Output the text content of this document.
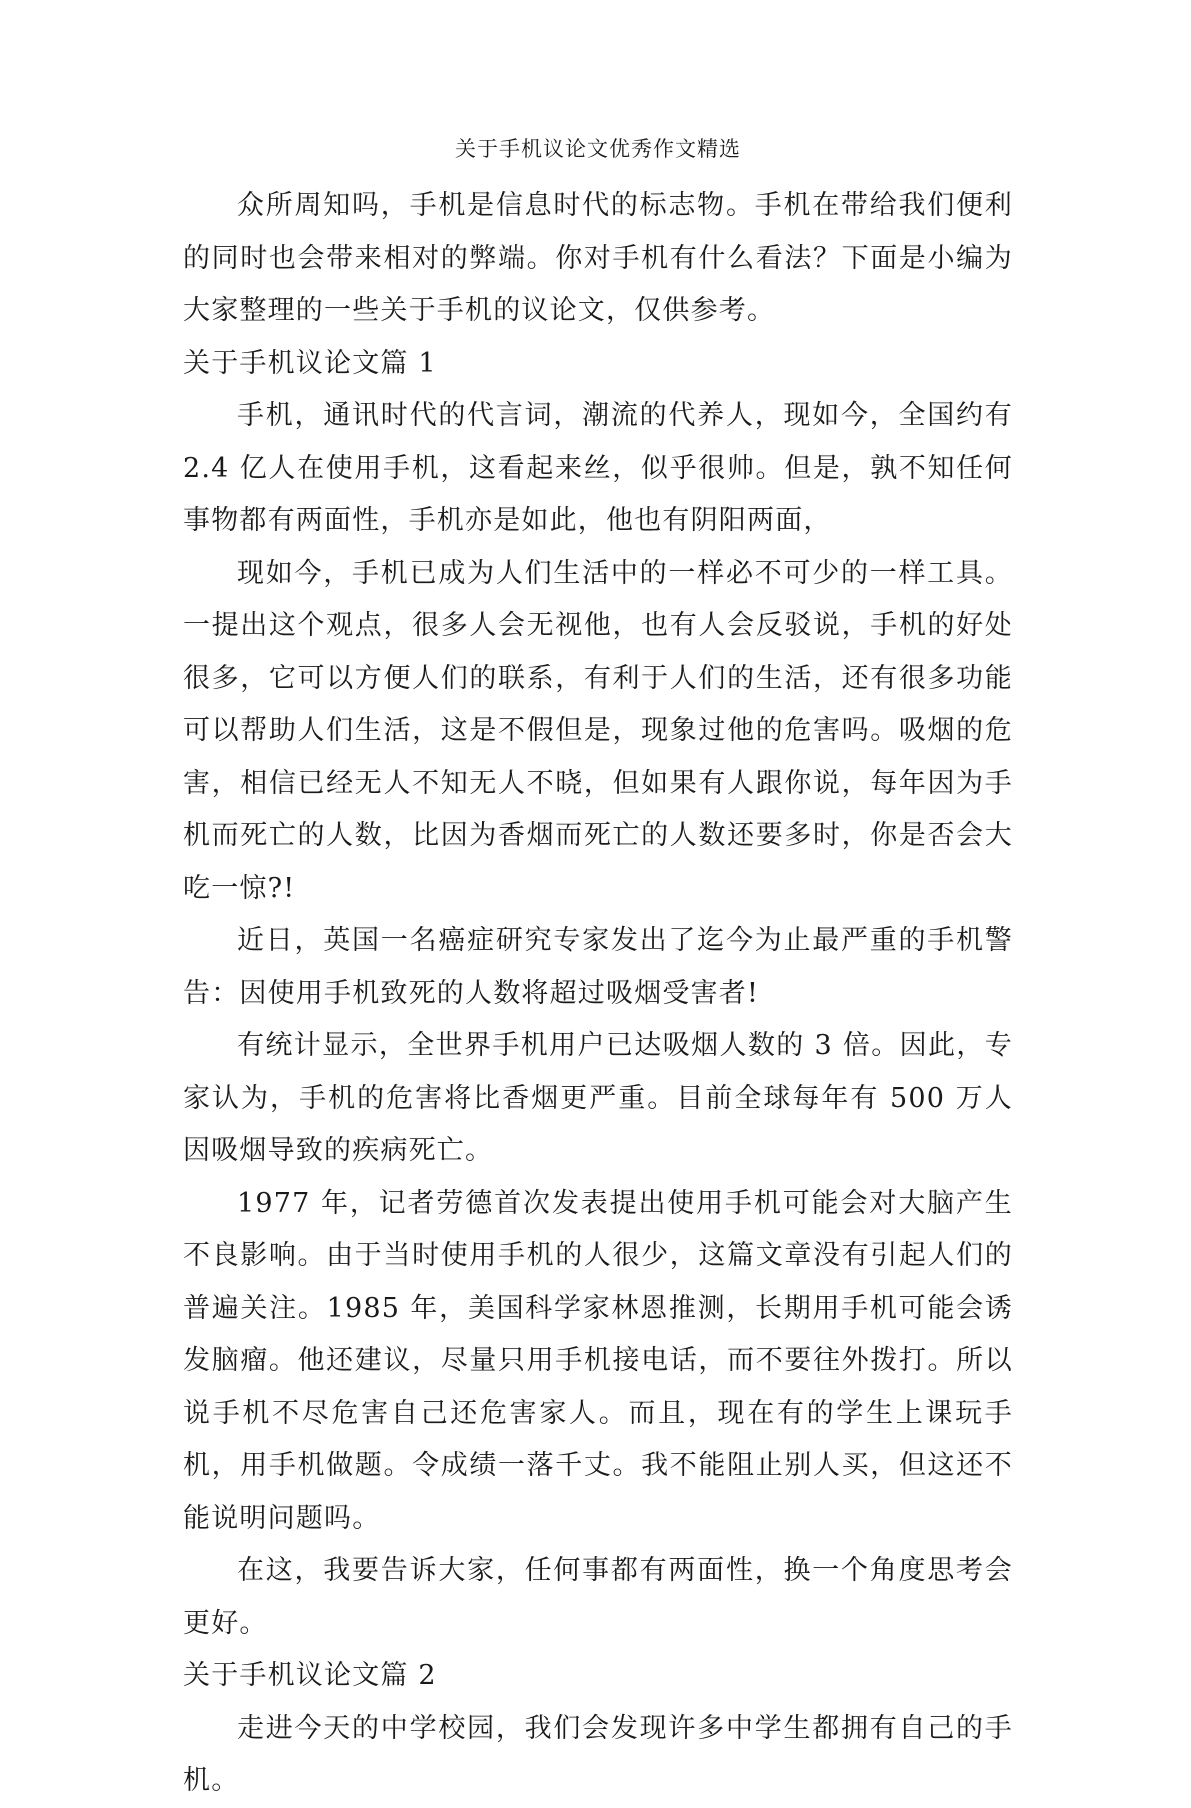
关于手机议论文优秀作文精选

众所周知吗，手机是信息时代的标志物。手机在带给我们便利的同时也会带来相对的弊端。你对手机有什么看法？下面是小编为大家整理的一些关于手机的议论文，仅供参考。

关于手机议论文篇 1

手机，通讯时代的代言词，潮流的代养人，现如今，全国约有 2.4 亿人在使用手机，这看起来丝，似乎很帅。但是，孰不知任何事物都有两面性，手机亦是如此，他也有阴阳两面，

现如今，手机已成为人们生活中的一样必不可少的一样工具。一提出这个观点，很多人会无视他，也有人会反驳说，手机的好处很多，它可以方便人们的联系，有利于人们的生活，还有很多功能可以帮助人们生活，这是不假但是，现象过他的危害吗。吸烟的危害，相信已经无人不知无人不晓，但如果有人跟你说，每年因为手机而死亡的人数，比因为香烟而死亡的人数还要多时，你是否会大吃一惊?!

近日，英国一名癌症研究专家发出了迄今为止最严重的手机警告：因使用手机致死的人数将超过吸烟受害者!

有统计显示，全世界手机用户已达吸烟人数的 3 倍。因此，专家认为，手机的危害将比香烟更严重。目前全球每年有 500 万人因吸烟导致的疾病死亡。

1977 年，记者劳德首次发表提出使用手机可能会对大脑产生不良影响。由于当时使用手机的人很少，这篇文章没有引起人们的普遍关注。1985 年，美国科学家林恩推测，长期用手机可能会诱发脑瘤。他还建议，尽量只用手机接电话，而不要往外拨打。所以说手机不尽危害自己还危害家人。而且，现在有的学生上课玩手机，用手机做题。令成绩一落千丈。我不能阻止别人买，但这还不能说明问题吗。

在这，我要告诉大家，任何事都有两面性，换一个角度思考会更好。

关于手机议论文篇 2

走进今天的中学校园，我们会发现许多中学生都拥有自己的手机。
